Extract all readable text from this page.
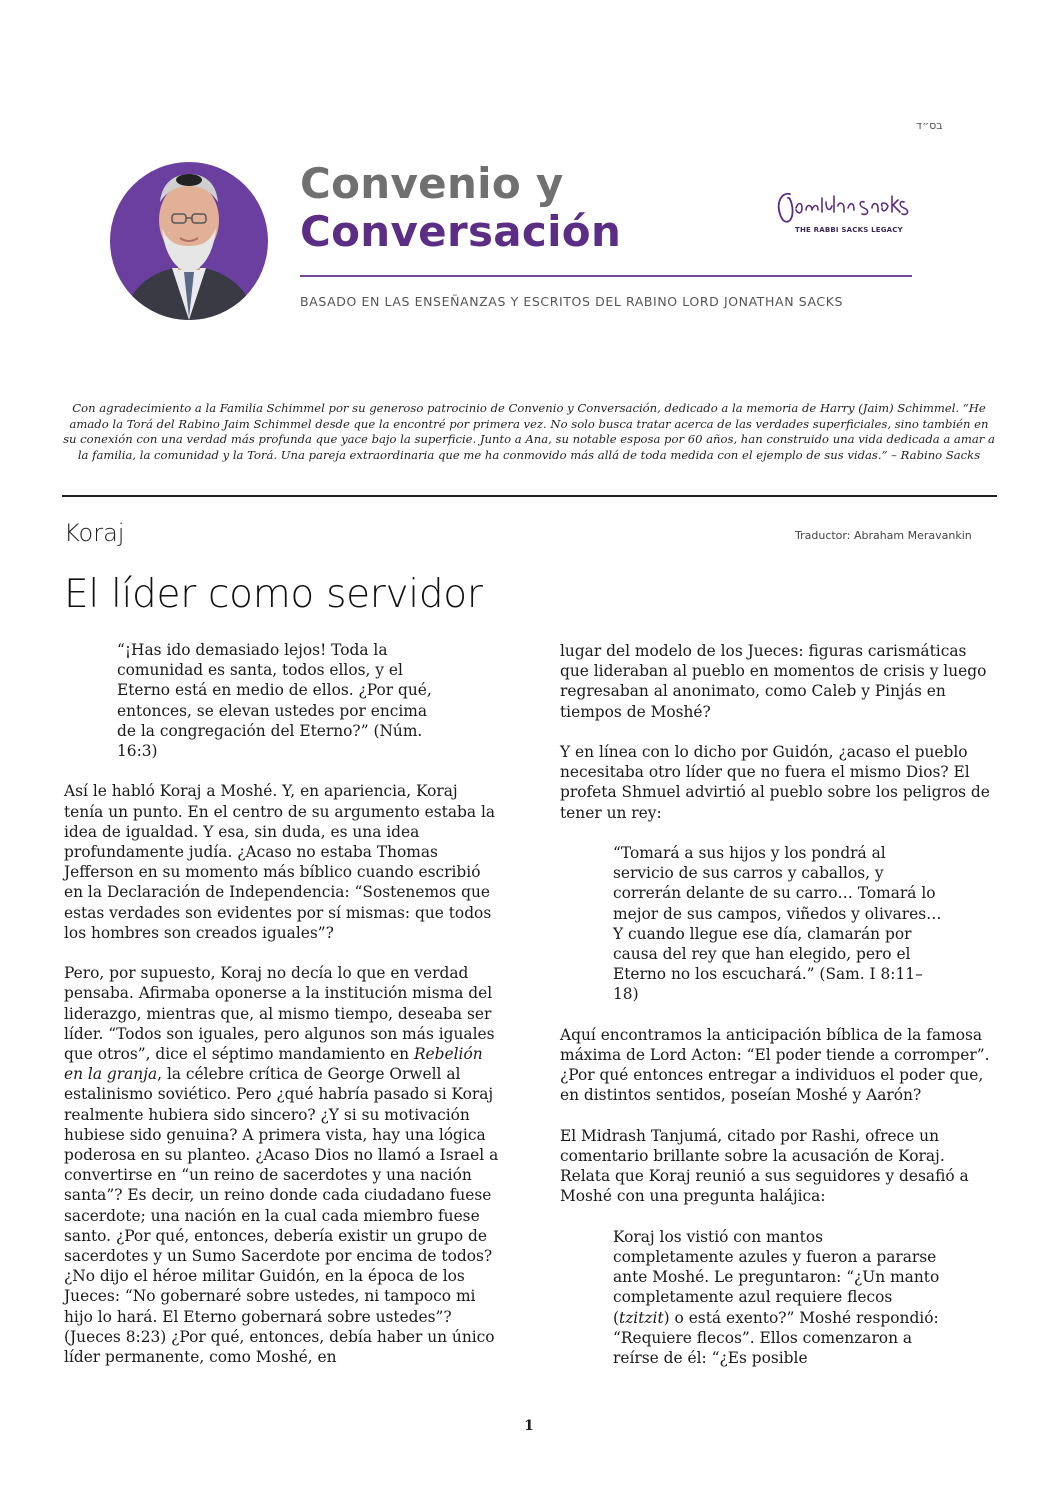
בס״ד
Convenio y
Conversación
BASADO EN LAS ENSEÑANZAS Y ESCRITOS DEL RABINO LORD JONATHAN SACKS
THE RABBI SACKS LEGACY

Con agradecimiento a la Familia Schimmel por su generoso patrocinio de Convenio y Conversación, dedicado a la memoria de Harry (Jaim) Schimmel. “He amado la Torá del Rabino Jaim Schimmel desde que la encontré por primera vez. No solo busca tratar acerca de las verdades superficiales, sino también en su conexión con una verdad más profunda que yace bajo la superficie. Junto a Ana, su notable esposa por 60 años, han construido una vida dedicada a amar a la familia, la comunidad y la Torá. Una pareja extraordinaria que me ha conmovido más allá de toda medida con el ejemplo de sus vidas.” – Rabino Sacks

Koraj	Traductor: Abraham Meravankin
El líder como servidor

“¡Has ido demasiado lejos! Toda la comunidad es santa, todos ellos, y el Eterno está en medio de ellos. ¿Por qué, entonces, se elevan ustedes por encima de la congregación del Eterno?” (Núm. 16:3)

Así le habló Koraj a Moshé. Y, en apariencia, Koraj tenía un punto. En el centro de su argumento estaba la idea de igualdad. Y esa, sin duda, es una idea profundamente judía. ¿Acaso no estaba Thomas Jefferson en su momento más bíblico cuando escribió en la Declaración de Independencia: “Sostenemos que estas verdades son evidentes por sí mismas: que todos los hombres son creados iguales”?

Pero, por supuesto, Koraj no decía lo que en verdad pensaba. Afirmaba oponerse a la institución misma del liderazgo, mientras que, al mismo tiempo, deseaba ser líder. “Todos son iguales, pero algunos son más iguales que otros”, dice el séptimo mandamiento en Rebelión en la granja, la célebre crítica de George Orwell al estalinismo soviético. Pero ¿qué habría pasado si Koraj realmente hubiera sido sincero? ¿Y si su motivación hubiese sido genuina? A primera vista, hay una lógica poderosa en su planteo. ¿Acaso Dios no llamó a Israel a convertirse en “un reino de sacerdotes y una nación santa”? Es decir, un reino donde cada ciudadano fuese sacerdote; una nación en la cual cada miembro fuese santo. ¿Por qué, entonces, debería existir un grupo de sacerdotes y un Sumo Sacerdote por encima de todos? ¿No dijo el héroe militar Guidón, en la época de los Jueces: “No gobernaré sobre ustedes, ni tampoco mi hijo lo hará. El Eterno gobernará sobre ustedes”? (Jueces 8:23) ¿Por qué, entonces, debía haber un único líder permanente, como Moshé, en

lugar del modelo de los Jueces: figuras carismáticas que lideraban al pueblo en momentos de crisis y luego regresaban al anonimato, como Caleb y Pinjás en tiempos de Moshé?

Y en línea con lo dicho por Guidón, ¿acaso el pueblo necesitaba otro líder que no fuera el mismo Dios? El profeta Shmuel advirtió al pueblo sobre los peligros de tener un rey:

“Tomará a sus hijos y los pondrá al servicio de sus carros y caballos, y correrán delante de su carro… Tomará lo mejor de sus campos, viñedos y olivares… Y cuando llegue ese día, clamarán por causa del rey que han elegido, pero el Eterno no los escuchará.” (Sam. I 8:11–18)

Aquí encontramos la anticipación bíblica de la famosa máxima de Lord Acton: “El poder tiende a corromper”. ¿Por qué entonces entregar a individuos el poder que, en distintos sentidos, poseían Moshé y Aarón?

El Midrash Tanjumá, citado por Rashi, ofrece un comentario brillante sobre la acusación de Koraj. Relata que Koraj reunió a sus seguidores y desafió a Moshé con una pregunta halájica:

Koraj los vistió con mantos completamente azules y fueron a pararse ante Moshé. Le preguntaron: “¿Un manto completamente azul requiere flecos (tzitzit) o está exento?” Moshé respondió: “Requiere flecos”. Ellos comenzaron a reírse de él: “¿Es posible

1
